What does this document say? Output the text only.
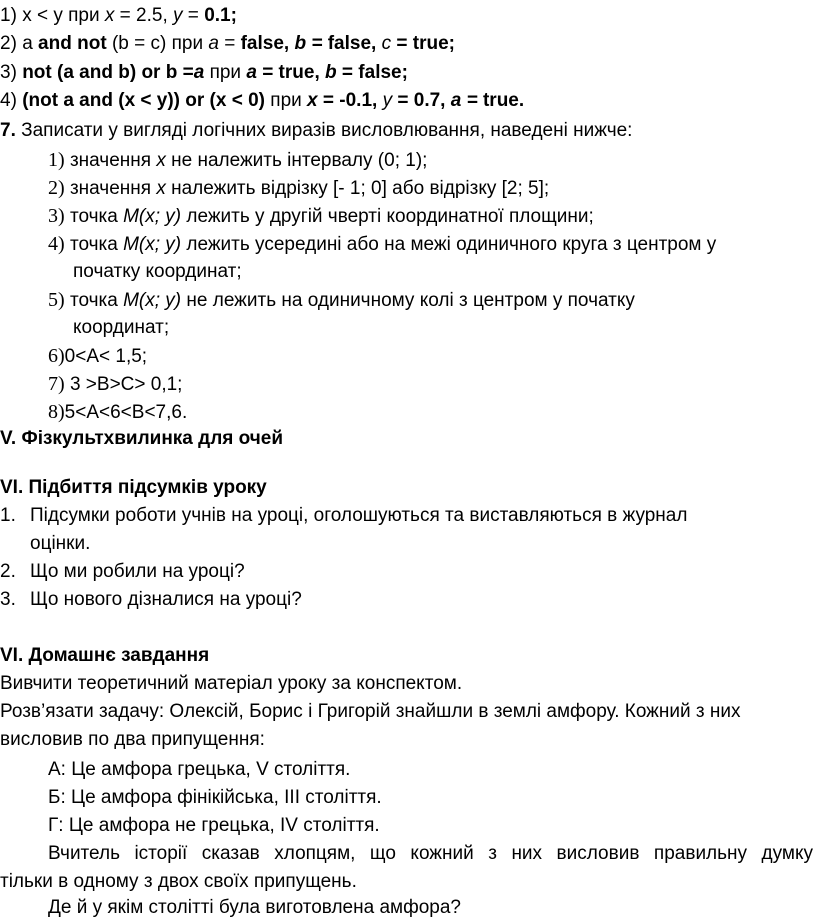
1) x < y при x = 2.5, y = 0.1;
2) a and not (b = c) при a = false, b = false, c = true;
3) not (a and b) or b =a при a = true, b = false;
4) (not a and (x < y)) or (x < 0) при x = -0.1, y = 0.7, a = true.
7. Записати у вигляді логічних виразів висловлювання, наведені нижче:
1) значення x не належить інтервалу (0; 1);
2) значення x належить відрізку [- 1; 0] або відрізку [2; 5];
3) точка M(x; y) лежить у другій чверті координатної площини;
4) точка M(x; y) лежить усередині або на межі одиничного круга з центром у
початку координат;
5) точка M(x; y) не лежить на одиничному колі з центром у початку
координат;
6)0<A< 1,5;
7) 3 >B>C> 0,1;
8)5<A<6<B<7,6.
V. Фізкультхвилинка для очей
VI. Підбиття підсумків уроку
1. Підсумки роботи учнів на уроці, оголошуються та виставляються в журнал
оцінки.
2. Що ми робили на уроці?
3. Що нового дізналися на уроці?
VI. Домашнє завдання
Вивчити теоретичний матеріал уроку за конспектом.
Розв’язати задачу: Олексій, Борис і Григорій знайшли в землі амфору. Кожний з них
висловив по два припущення:
А: Це амфора грецька, V століття.
Б: Це амфора фінікійська, III століття.
Г: Це амфора не грецька, IV століття.
Вчитель історії сказав хлопцям, що кожний з них висловив правильну думку
тільки в одному з двох своїх припущень.
Де й у якім столітті була виготовлена амфора?
